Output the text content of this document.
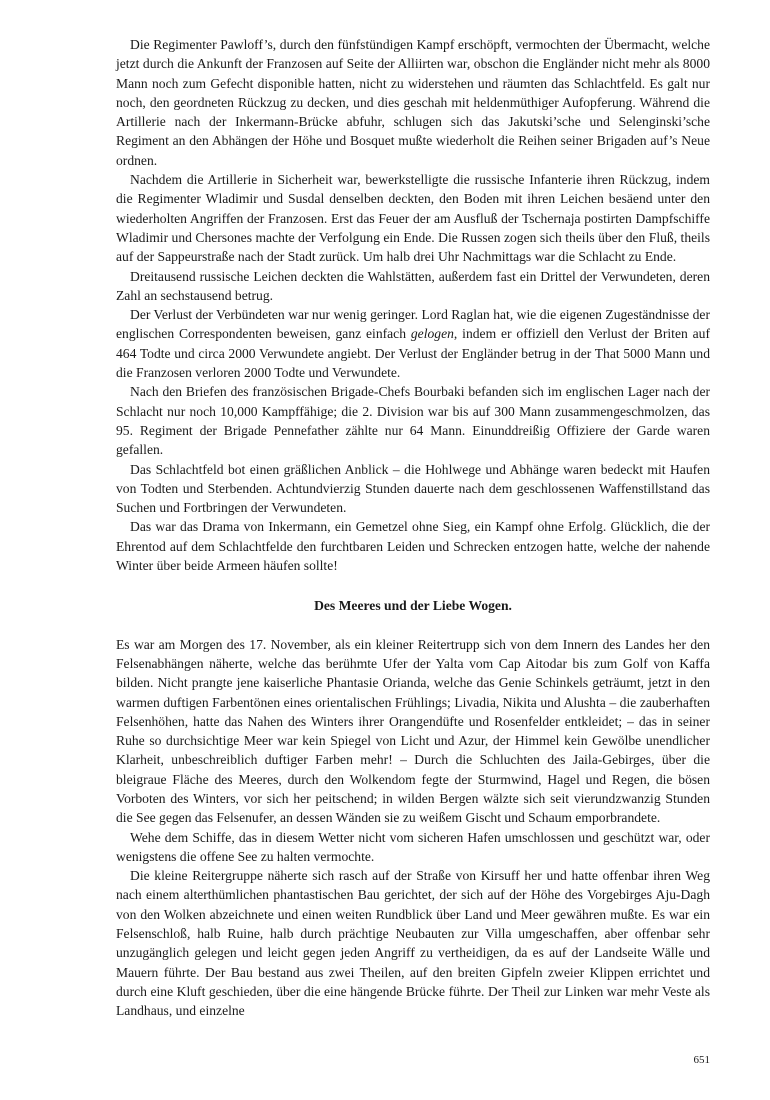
Die Regimenter Pawloff’s, durch den fünfstündigen Kampf erschöpft, vermochten der Übermacht, welche jetzt durch die Ankunft der Franzosen auf Seite der Alliirten war, obschon die Engländer nicht mehr als 8000 Mann noch zum Gefecht disponible hatten, nicht zu widerstehen und räumten das Schlachtfeld. Es galt nur noch, den geordneten Rückzug zu decken, und dies geschah mit heldenmüthiger Aufopferung. Während die Artillerie nach der Inkermann-Brücke abfuhr, schlugen sich das Jakutski’sche und Selenginski’sche Regiment an den Abhängen der Höhe und Bosquet mußte wiederholt die Reihen seiner Brigaden auf’s Neue ordnen.

Nachdem die Artillerie in Sicherheit war, bewerkstelligte die russische Infanterie ihren Rückzug, indem die Regimenter Wladimir und Susdal denselben deckten, den Boden mit ihren Leichen besäend unter den wiederholten Angriffen der Franzosen. Erst das Feuer der am Ausfluß der Tschernaja postirten Dampfschiffe Wladimir und Chersones machte der Verfolgung ein Ende. Die Russen zogen sich theils über den Fluß, theils auf der Sappeurstraße nach der Stadt zurück. Um halb drei Uhr Nachmittags war die Schlacht zu Ende.

Dreitausend russische Leichen deckten die Wahlstätten, außerdem fast ein Drittel der Verwundeten, deren Zahl an sechstausend betrug.

Der Verlust der Verbündeten war nur wenig geringer. Lord Raglan hat, wie die eigenen Zugeständnisse der englischen Correspondenten beweisen, ganz einfach gelogen, indem er offiziell den Verlust der Briten auf 464 Todte und circa 2000 Verwundete angiebt. Der Verlust der Engländer betrug in der That 5000 Mann und die Franzosen verloren 2000 Todte und Verwundete.

Nach den Briefen des französischen Brigade-Chefs Bourbaki befanden sich im englischen Lager nach der Schlacht nur noch 10,000 Kampffähige; die 2. Division war bis auf 300 Mann zusammengeschmolzen, das 95. Regiment der Brigade Pennefather zählte nur 64 Mann. Einunddreißig Offiziere der Garde waren gefallen.

Das Schlachtfeld bot einen gräßlichen Anblick – die Hohlwege und Abhänge waren bedeckt mit Haufen von Todten und Sterbenden. Achtundvierzig Stunden dauerte nach dem geschlossenen Waffenstillstand das Suchen und Fortbringen der Verwundeten.

Das war das Drama von Inkermann, ein Gemetzel ohne Sieg, ein Kampf ohne Erfolg. Glücklich, die der Ehrentod auf dem Schlachtfelde den furchtbaren Leiden und Schrecken entzogen hatte, welche der nahende Winter über beide Armeen häufen sollte!

Des Meeres und der Liebe Wogen.

Es war am Morgen des 17. November, als ein kleiner Reitertrupp sich von dem Innern des Landes her den Felsenabhängen näherte, welche das berühmte Ufer der Yalta vom Cap Aitodar bis zum Golf von Kaffa bilden. Nicht prangte jene kaiserliche Phantasie Orianda, welche das Genie Schinkels geträumt, jetzt in den warmen duftigen Farbentönen eines orientalischen Frühlings; Livadia, Nikita und Alushta – die zauberhaften Felsenhöhen, hatte das Nahen des Winters ihrer Orangendüfte und Rosenfelder entkleidet; – das in seiner Ruhe so durchsichtige Meer war kein Spiegel von Licht und Azur, der Himmel kein Gewölbe unendlicher Klarheit, unbeschreiblich duftiger Farben mehr! – Durch die Schluchten des Jaila-Gebirges, über die bleigraue Fläche des Meeres, durch den Wolkendom fegte der Sturmwind, Hagel und Regen, die bösen Vorboten des Winters, vor sich her peitschend; in wilden Bergen wälzte sich seit vierundzwanzig Stunden die See gegen das Felsenufer, an dessen Wänden sie zu weißem Gischt und Schaum emporbrandete.

Wehe dem Schiffe, das in diesem Wetter nicht vom sicheren Hafen umschlossen und geschützt war, oder wenigstens die offene See zu halten vermochte.

Die kleine Reitergruppe näherte sich rasch auf der Straße von Kirsuff her und hatte offenbar ihren Weg nach einem alterthümlichen phantastischen Bau gerichtet, der sich auf der Höhe des Vorgebirges Aju-Dagh von den Wolken abzeichnete und einen weiten Rundblick über Land und Meer gewähren mußte. Es war ein Felsenschloß, halb Ruine, halb durch prächtige Neubauten zur Villa umgeschaffen, aber offenbar sehr unzugänglich gelegen und leicht gegen jeden Angriff zu vertheidigen, da es auf der Landseite Wälle und Mauern führte. Der Bau bestand aus zwei Theilen, auf den breiten Gipfeln zweier Klippen errichtet und durch eine Kluft geschieden, über die eine hängende Brücke führte. Der Theil zur Linken war mehr Veste als Landhaus, und einzelne

651
